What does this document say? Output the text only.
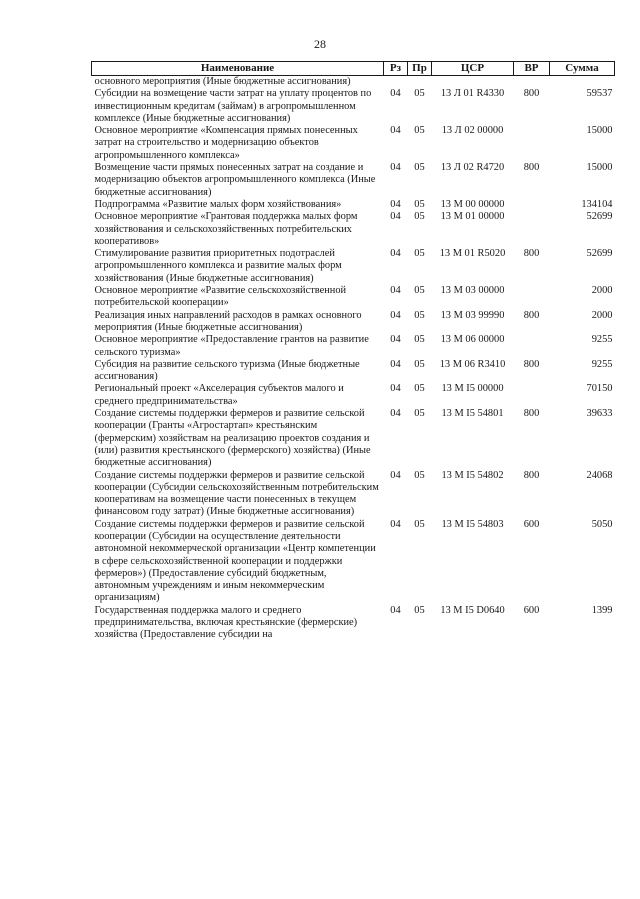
28
Наименование	Рз	Пр	ЦСР	ВР	Сумма
основного мероприятия (Иные бюджетные ассигнования)					
Субсидии на возмещение части затрат на уплату процентов по инвестиционным кредитам (займам) в агропромышленном комплексе (Иные бюджетные ассигнования)	04	05	13 Л 01 R4330	800	59537
Основное мероприятие «Компенсация прямых понесенных затрат на строительство и модернизацию объектов агропромышленного комплекса»	04	05	13 Л 02 00000		15000
Возмещение части прямых понесенных затрат на создание и модернизацию объектов агропромышленного комплекса (Иные бюджетные ассигнования)	04	05	13 Л 02 R4720	800	15000
Подпрограмма «Развитие малых форм хозяйствования»	04	05	13 М 00 00000		134104
Основное мероприятие «Грантовая поддержка малых форм хозяйствования и сельскохозяйственных потребительских кооперативов»	04	05	13 М 01 00000		52699
Стимулирование развития приоритетных подотраслей агропромышленного комплекса и развитие малых форм хозяйствования (Иные бюджетные ассигнования)	04	05	13 М 01 R5020	800	52699
Основное мероприятие «Развитие сельскохозяйственной потребительской кооперации»	04	05	13 М 03 00000		2000
Реализация иных направлений расходов в рамках основного мероприятия (Иные бюджетные ассигнования)	04	05	13 М 03 99990	800	2000
Основное мероприятие «Предоставление грантов на развитие сельского туризма»	04	05	13 М 06 00000		9255
Субсидия на развитие сельского туризма (Иные бюджетные ассигнования)	04	05	13 М 06 R3410	800	9255
Региональный проект «Акселерация субъектов малого и среднего предпринимательства»	04	05	13 М I5 00000		70150
Создание системы поддержки фермеров и развитие сельской кооперации (Гранты «Агростартап» крестьянским (фермерским) хозяйствам на реализацию проектов создания и (или) развития крестьянского (фермерского) хозяйства) (Иные бюджетные ассигнования)	04	05	13 М I5 54801	800	39633
Создание системы поддержки фермеров и развитие сельской кооперации (Субсидии сельскохозяйственным потребительским кооперативам на возмещение части понесенных в текущем финансовом году затрат) (Иные бюджетные ассигнования)	04	05	13 М I5 54802	800	24068
Создание системы поддержки фермеров и развитие сельской кооперации (Субсидии на осуществление деятельности автономной некоммерческой организации «Центр компетенции в сфере сельскохозяйственной кооперации и поддержки фермеров») (Предоставление субсидий бюджетным, автономным учреждениям и иным некоммерческим организациям)	04	05	13 М I5 54803	600	5050
Государственная поддержка малого и среднего предпринимательства, включая крестьянские (фермерские) хозяйства (Предоставление субсидии на	04	05	13 М I5 D0640	600	1399
